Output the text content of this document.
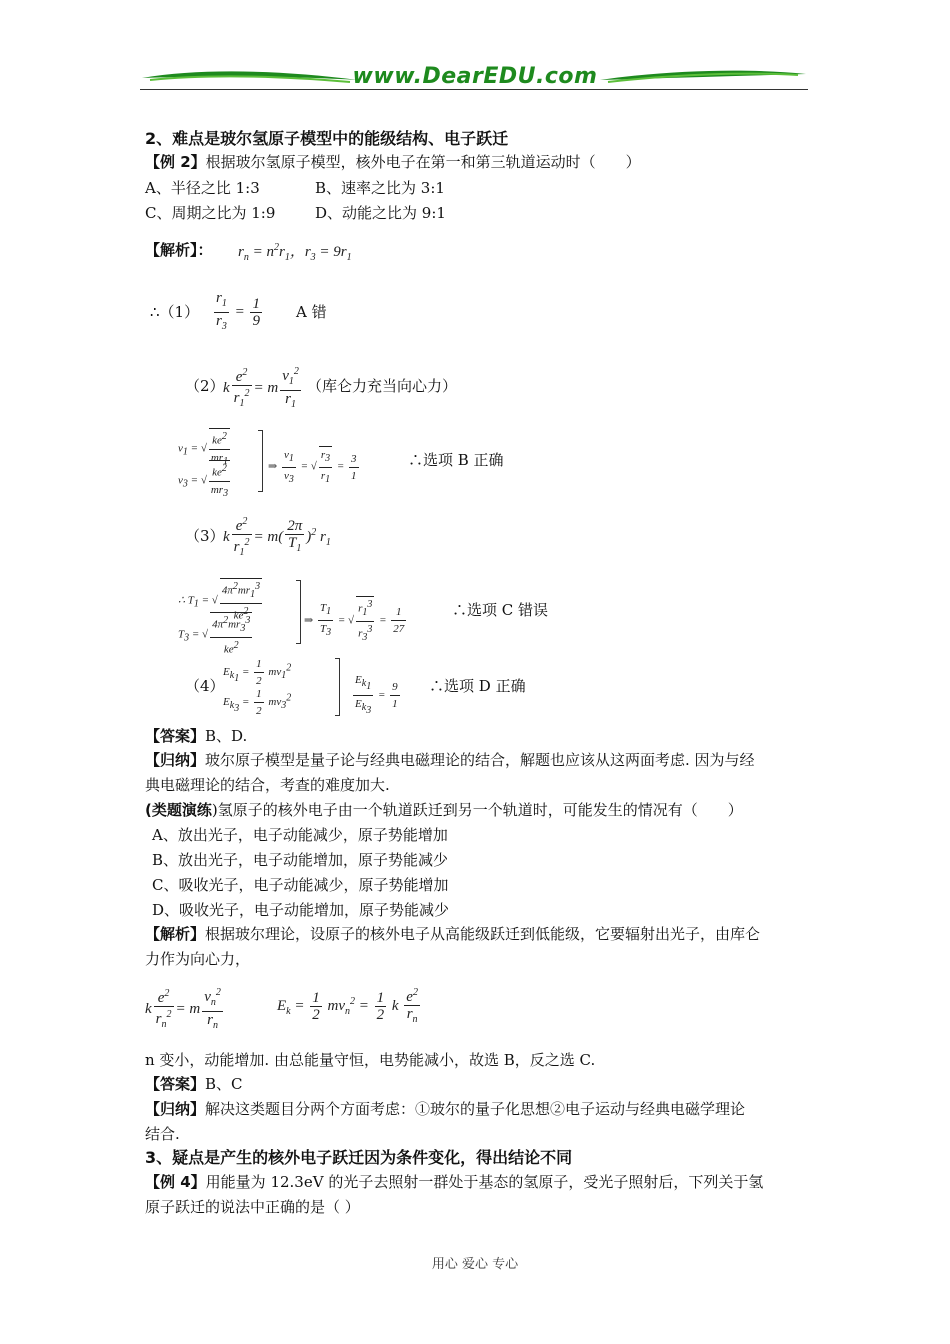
www.DearEDU.com
2、难点是玻尔氢原子模型中的能级结构、电子跃迁
【例 2】根据玻尔氢原子模型，核外电子在第一和第三轨道运动时（　　）
A、半径之比 1:3	B、速率之比为 3:1
C、周期之比为 1:9	D、动能之比为 9:1
【解析】： $r_n = n^2r_1$，$r_3 = 9r_1$
∴（1） $\frac{r_1}{r_3} = \frac{1}{9}$ A 错
（2）
k $\frac{e^2}{r_1^2} = m \frac{v_1^2}{r_1}$ （库仑力充当向心力）
$v_1$ = √ $\frac{ke^2}{mr_1}$
$v_3$ = √ $\frac{ke^2}{mr_3}$	⇒ $\frac{v_1}{v_3}$ = √ $\frac{r_3}{r_1} = \frac{3}{1}$	∴选项 B 正确
（3）
k $\frac{e^2}{r_1^2} = m( \frac{2\pi}{T_1} )^2$ $r_1$
∴ $T_1$ = √ $\frac{4\pi^2mr_1^3}{ke^2}$
$T_3$ = √ $\frac{4\pi^2mr_3^3}{ke^2}$	⇒ $\frac{T_1}{T_3}$ = √ $\frac{r_1^3}{r_3^3} = \frac{1}{27}$	∴选项 C 错误
（4）
$E_{k_1} = \frac{1}{2} mv_1^2$
$E_{k_3} = \frac{1}{2} mv_3^2$	$\frac{E_{k_1}}{E_{k_3}} = \frac{9}{1}$ ∴选项 D 正确
【答案】B、D.
【归纳】玻尔原子模型是量子论与经典电磁理论的结合，解题也应该从这两面考虑. 因为与经
典电磁理论的结合，考查的难度加大.
(类题演练)氢原子的核外电子由一个轨道跃迁到另一个轨道时，可能发生的情况有（　　）
A、放出光子，电子动能减少，原子势能增加
B、放出光子，电子动能增加，原子势能减少
C、吸收光子，电子动能减少，原子势能增加
D、吸收光子，电子动能增加，原子势能减少
【解析】根据玻尔理论，设原子的核外电子从高能级跃迁到低能级，它要辐射出光子，由库仑
力作为向心力，
k $\frac{e^2}{r_n^2} = m \frac{v_n^2}{r_n}$	$E_k = \frac{1}{2} mv_n^2 = \frac{1}{2}$ k $\frac{e^2}{r_n}$
n 变小，动能增加. 由总能量守恒，电势能减小，故选 B，反之选 C.
【答案】B、C
【归纳】解决这类题目分两个方面考虑：①玻尔的量子化思想②电子运动与经典电磁学理论
结合.
3、疑点是产生的核外电子跃迁因为条件变化，得出结论不同
【例 4】用能量为 12.3eV 的光子去照射一群处于基态的氢原子，受光子照射后，下列关于氢
原子跃迁的说法中正确的是（ ）
用心 爱心 专心
